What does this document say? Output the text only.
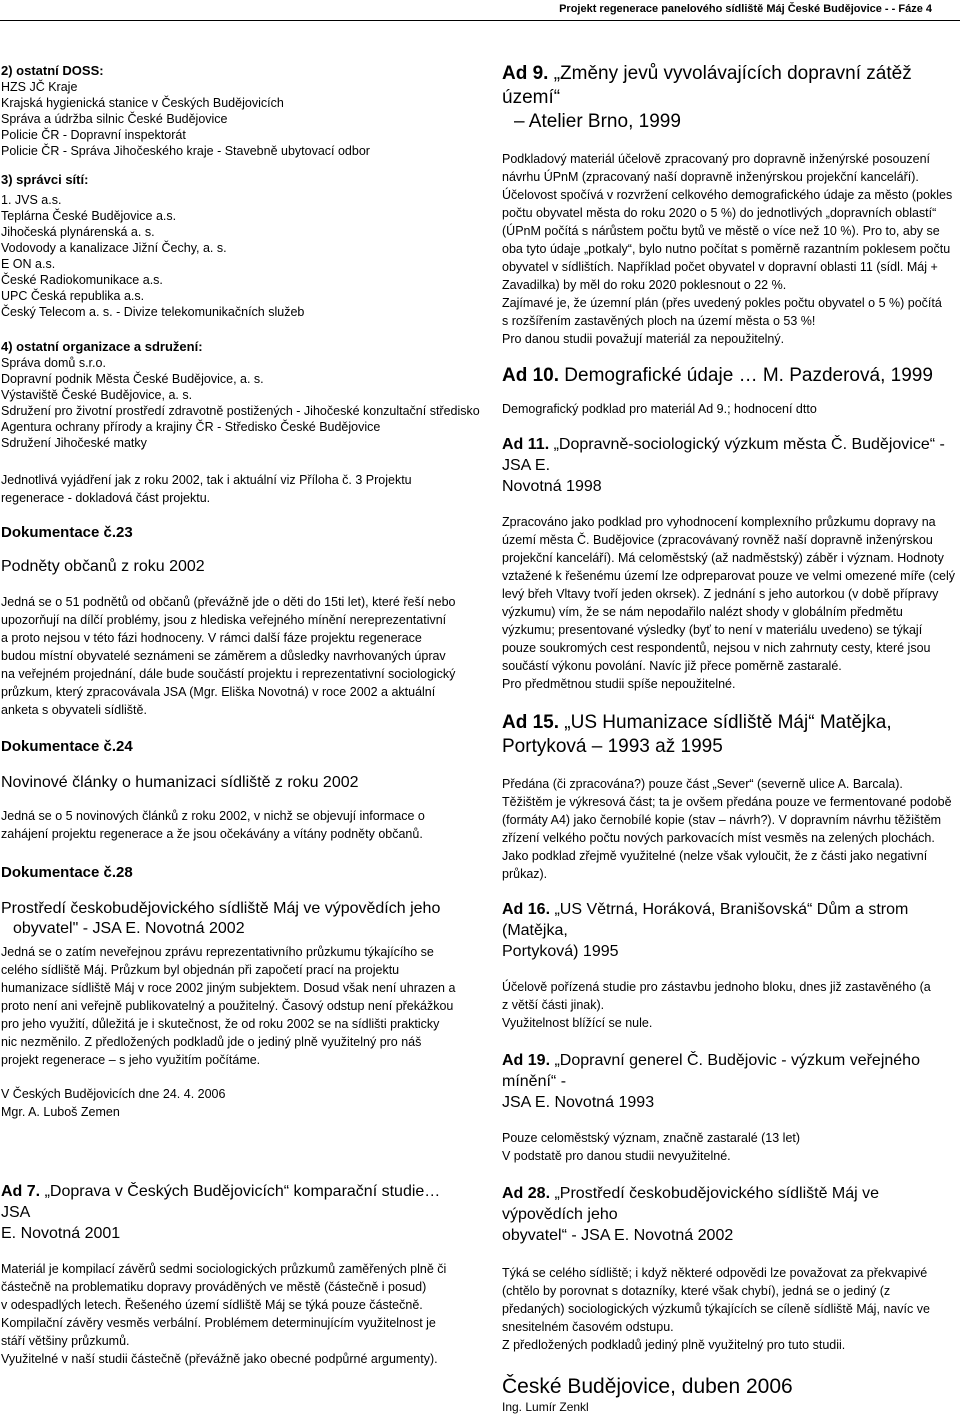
Projekt regenerace panelového sídliště Máj České Budějovice - - Fáze 4
2) ostatní DOSS:
HZS JČ Kraje
Krajská hygienická stanice v Českých Budějovicích
Správa a údržba silnic České Budějovice
Policie ČR - Dopravní inspektorát
Policie ČR - Správa Jihočeského kraje - Stavebně ubytovací odbor
3) správci sítí:
1. JVS a.s.
Teplárna České Budějovice a.s.
Jihočeská plynárenská a. s.
Vodovody a kanalizace Jižní Čechy, a. s.
E ON a.s.
České Radiokomunikace a.s.
UPC Česká republika a.s.
Český Telecom a. s. - Divize telekomunikačních služeb
4) ostatní organizace a sdružení:
Správa domů s.r.o.
Dopravní podnik Města České Budějovice, a. s.
Výstaviště České Budějovice, a. s.
Sdružení pro životní prostředí zdravotně postižených - Jihočeské konzultační středisko
Agentura ochrany přírody a krajiny ČR - Středisko České Budějovice
Sdružení Jihočeské matky
Jednotlivá vyjádření jak z roku 2002, tak i aktuální viz Příloha č. 3 Projektu
regenerace - dokladová část projektu.
Dokumentace č.23
Podněty občanů z roku 2002
Jedná se o 51 podnětů od občanů (převážně jde o děti do 15ti let), které řeší nebo
upozorňují na dílčí problémy, jsou z hlediska veřejného mínění nereprezentativní
a proto nejsou v této fázi hodnoceny. V rámci další fáze projektu regenerace
budou místní obyvatelé seznámeni se záměrem a důsledky navrhovaných úprav
na veřejném projednání, dále bude součástí projektu i reprezentativní sociologický
průzkum, který zpracovávala JSA (Mgr. Eliška Novotná) v roce 2002 a aktuální
anketa s obyvateli sídliště.
Dokumentace č.24
Novinové články o humanizaci sídliště z roku 2002
Jedná se o 5 novinových článků z roku 2002, v nichž se objevují informace o
zahájení projektu regenerace a že jsou očekávány a vítány podněty občanů.
Dokumentace č.28
Prostředí českobudějovického sídliště Máj ve výpovědích jeho
obyvatel" - JSA E. Novotná 2002
Jedná se o zatím neveřejnou zprávu reprezentativního průzkumu týkajícího se
celého sídliště Máj. Průzkum byl objednán při započetí prací na projektu
humanizace sídliště Máj v roce 2002 jiným subjektem. Dosud však není uhrazen a
proto není ani veřejně publikovatelný a použitelný. Časový odstup není překážkou
pro jeho využití, důležitá je i skutečnost, že od roku 2002 se na sídlišti prakticky
nic nezměnilo. Z předložených podkladů jde o jediný plně využitelný pro náš
projekt regenerace – s jeho využitím počítáme.
V Českých Budějovicích dne 24. 4. 2006
Mgr. A. Luboš Zemen
Ad 7. „Doprava v Českých Budějovicích“ komparační studie… JSA
E. Novotná 2001
Materiál je kompilací závěrů sedmi sociologických průzkumů zaměřených plně či
částečně na problematiku dopravy prováděných ve městě (částečně i posud)
v odespadlých letech. Řešeného území sídliště Máj se týká pouze částečně.
Kompilační závěry vesměs verbální. Problémem determinujícím využitelnost je
stáří většiny průzkumů.
Využitelné v naší studii částečně (převážně jako obecné podpůrné argumenty).
Ad 9. „Změny jevů vyvolávajících dopravní zátěž území“
– Atelier Brno, 1999
Podkladový materiál účelově zpracovaný pro dopravně inženýrské posouzení
návrhu ÚPnM (zpracovaný naší dopravně inženýrskou projekční kanceláří).
Účelovost spočívá v rozvržení celkového demografického údaje za město (pokles
počtu obyvatel města do roku 2020 o 5 %) do jednotlivých „dopravních oblastí“
(ÚPnM počítá s nárůstem počtu bytů ve městě o více než 10 %). Pro to, aby se
oba tyto údaje „potkaly“, bylo nutno počítat s poměrně razantním poklesem počtu
obyvatel v sídlištích. Například počet obyvatel v dopravní oblasti 11 (sídl. Máj +
Zavadilka) by měl do roku 2020 poklesnout o 22 %.
Zajímavé je, že územní plán (přes uvedený pokles počtu obyvatel o 5 %) počítá
s rozšířením zastavěných ploch na území města o 53 %!
Pro danou studii považují materiál za nepoužitelný.
Ad 10. Demografické údaje … M. Pazderová, 1999
Demografický podklad pro materiál Ad 9.; hodnocení dtto
Ad 11. „Dopravně-sociologický výzkum města Č. Budějovice“ - JSA E.
Novotná 1998
Zpracováno jako podklad pro vyhodnocení komplexního průzkumu dopravy na
území města Č. Budějovice (zpracovávaný rovněž naší dopravně inženýrskou
projekční kanceláří). Má celoměstský (až nadměstský) záběr i význam. Hodnoty
vztažené k řešenému území lze odpreparovat pouze ve velmi omezené míře (celý
levý břeh Vltavy tvoří jeden okrsek). Z jednání s jeho autorkou (v době přípravy
výzkumu) vím, že se nám nepodařilo nalézt shody v globálním předmětu
výzkumu; presentované výsledky (byť to není v materiálu uvedeno) se týkají
pouze soukromých cest respondentů, nejsou v nich zahrnuty cesty, které jsou
součástí výkonu povolání. Navíc již přece poměrně zastaralé.
Pro předmětnou studii spíše nepoužitelné.
Ad 15. „US Humanizace sídliště Máj“ Matějka,
Portyková – 1993 až 1995
Předána (či zpracována?) pouze část „Sever“ (severně ulice A. Barcala).
Těžištěm je výkresová část; ta je ovšem předána pouze ve fermentované podobě
(formáty A4) jako černobílé kopie (stav – návrh?). V dopravním návrhu těžištěm
zřízení velkého počtu nových parkovacích míst vesměs na zelených plochách.
Jako podklad zřejmě využitelné (nelze však vyloučit, že z části jako negativní
průkaz).
Ad 16. „US Větrná, Horáková, Branišovská“ Dům a strom (Matějka,
Portyková) 1995
Účelově pořízená studie pro zástavbu jednoho bloku, dnes již zastavěného (a
z větší části jinak).
Využitelnost blížící se nule.
Ad 19. „Dopravní generel Č. Budějovic - výzkum veřejného mínění“ -
JSA E. Novotná 1993
Pouze celoměstský význam, značně zastaralé (13 let)
V podstatě pro danou studii nevyužitelné.
Ad 28. „Prostředí českobudějovického sídliště Máj ve výpovědích jeho
obyvatel“ - JSA E. Novotná 2002
Týká se celého sídliště; i když některé odpovědi lze považovat za překvapivé
(chtělo by porovnat s dotazníky, které však chybí), jedná se o jediný (z
předaných) sociologických výzkumů týkajících se cíleně sídliště Máj, navíc ve
snesitelném časovém odstupu.
Z předložených podkladů jediný plně využitelný pro tuto studii.
České Budějovice, duben 2006
Ing. Lumír Zenkl
